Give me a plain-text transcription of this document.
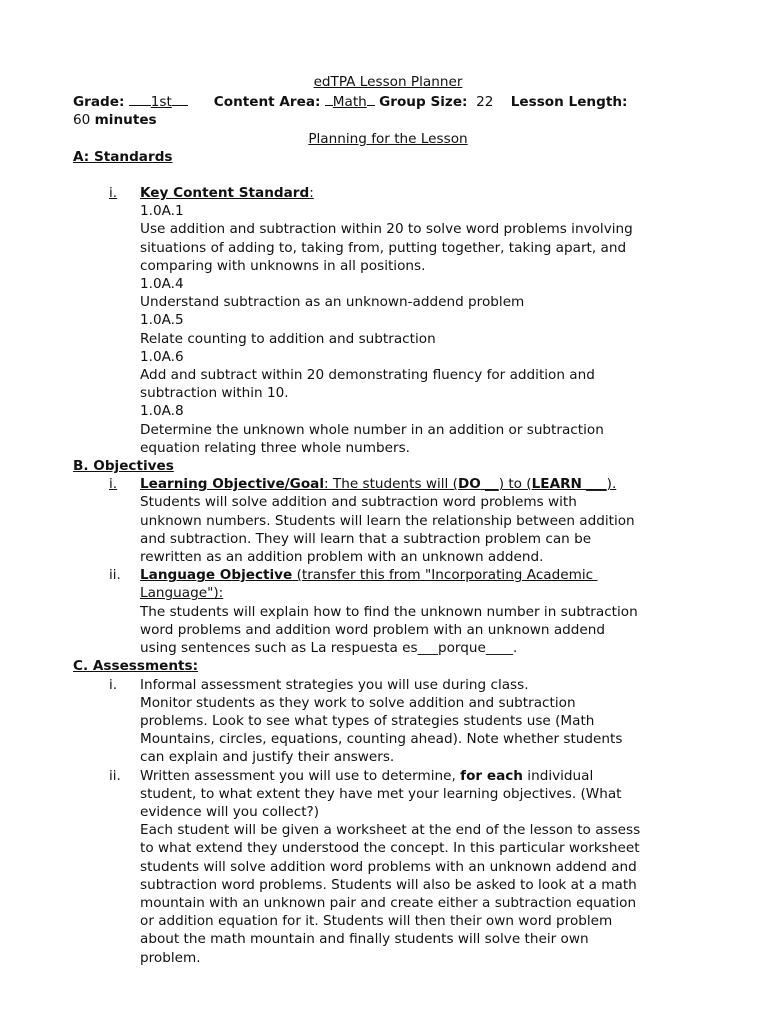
edTPA Lesson Planner
Grade: 1st	Content Area: Math Group Size: 22 Lesson Length:
60 minutes
Planning for the Lesson
A: Standards
i. Key Content Standard:
1.0A.1
Use addition and subtraction within 20 to solve word problems involving
situations of adding to, taking from, putting together, taking apart, and
comparing with unknowns in all positions.
1.0A.4
Understand subtraction as an unknown-addend problem
1.0A.5
Relate counting to addition and subtraction
1.0A.6
Add and subtract within 20 demonstrating fluency for addition and
subtraction within 10.
1.0A.8
Determine the unknown whole number in an addition or subtraction
equation relating three whole numbers.
B. Objectives
i. Learning Objective/Goal: The students will (DO __) to (LEARN ___).
Students will solve addition and subtraction word problems with
unknown numbers. Students will learn the relationship between addition
and subtraction. They will learn that a subtraction problem can be
rewritten as an addition problem with an unknown addend.
ii. Language Objective (transfer this from "Incorporating Academic
Language"):
The students will explain how to find the unknown number in subtraction
word problems and addition word problem with an unknown addend
using sentences such as La respuesta es___porque____.
C. Assessments:
i. Informal assessment strategies you will use during class.
Monitor students as they work to solve addition and subtraction
problems. Look to see what types of strategies students use (Math
Mountains, circles, equations, counting ahead). Note whether students
can explain and justify their answers.
ii. Written assessment you will use to determine, for each individual
student, to what extent they have met your learning objectives. (What
evidence will you collect?)
Each student will be given a worksheet at the end of the lesson to assess
to what extend they understood the concept. In this particular worksheet
students will solve addition word problems with an unknown addend and
subtraction word problems. Students will also be asked to look at a math
mountain with an unknown pair and create either a subtraction equation
or addition equation for it. Students will then their own word problem
about the math mountain and finally students will solve their own
problem.
